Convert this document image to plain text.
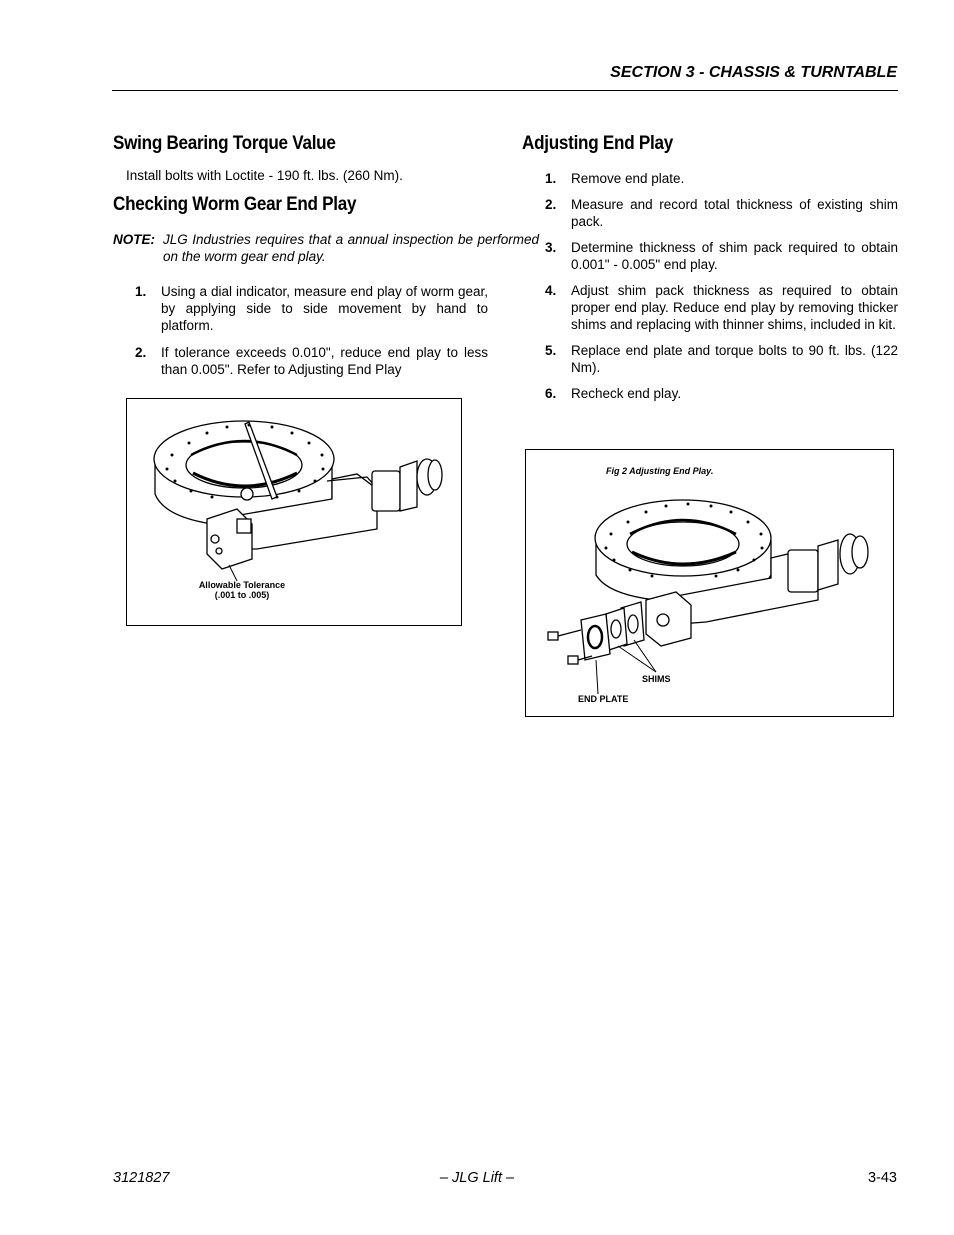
SECTION 3 - CHASSIS & TURNTABLE
Swing Bearing Torque Value
Install bolts with Loctite - 190 ft. lbs. (260 Nm).
Checking Worm Gear End Play
NOTE: JLG Industries requires that a annual inspection be performed on the worm gear end play.
1. Using a dial indicator, measure end play of worm gear, by applying side to side movement by hand to platform.
2. If tolerance exceeds 0.010", reduce end play to less than 0.005". Refer to Adjusting End Play
Allowable Tolerance
(.001 to .005)
Adjusting End Play
1. Remove end plate.
2. Measure and record total thickness of existing shim pack.
3. Determine thickness of shim pack required to obtain 0.001" - 0.005" end play.
4. Adjust shim pack thickness as required to obtain proper end play. Reduce end play by removing thicker shims and replacing with thinner shims, included in kit.
5. Replace end plate and torque bolts to 90 ft. lbs. (122 Nm).
6. Recheck end play.
Fig 2 Adjusting End Play.
SHIMS
END PLATE
3121827	– JLG Lift –	3-43
